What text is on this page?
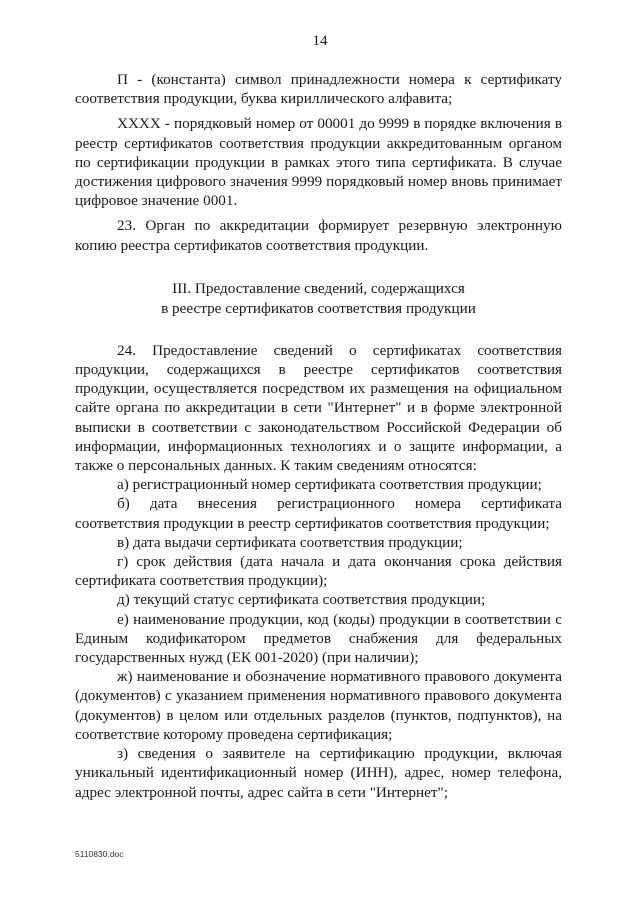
14

П - (константа) символ принадлежности номера к сертификату соответствия продукции, буква кириллического алфавита;

XXXX - порядковый номер от 00001 до 9999 в порядке включения в реестр сертификатов соответствия продукции аккредитованным органом по сертификации продукции в рамках этого типа сертификата. В случае достижения цифрового значения 9999 порядковый номер вновь принимает цифровое значение 0001.

23. Орган по аккредитации формирует резервную электронную копию реестра сертификатов соответствия продукции.

III. Предоставление сведений, содержащихся
в реестре сертификатов соответствия продукции

24. Предоставление сведений о сертификатах соответствия продукции, содержащихся в реестре сертификатов соответствия продукции, осуществляется посредством их размещения на официальном сайте органа по аккредитации в сети "Интернет" и в форме электронной выписки в соответствии с законодательством Российской Федерации об информации, информационных технологиях и о защите информации, а также о персональных данных. К таким сведениям относятся:

а) регистрационный номер сертификата соответствия продукции;

б) дата внесения регистрационного номера сертификата соответствия продукции в реестр сертификатов соответствия продукции;

в) дата выдачи сертификата соответствия продукции;

г) срок действия (дата начала и дата окончания срока действия сертификата соответствия продукции);

д) текущий статус сертификата соответствия продукции;

е) наименование продукции, код (коды) продукции в соответствии с Единым кодификатором предметов снабжения для федеральных государственных нужд (ЕК 001-2020) (при наличии);

ж) наименование и обозначение нормативного правового документа (документов) с указанием применения нормативного правового документа (документов) в целом или отдельных разделов (пунктов, подпунктов), на соответствие которому проведена сертификация;

з) сведения о заявителе на сертификацию продукции, включая уникальный идентификационный номер (ИНН), адрес, номер телефона, адрес электронной почты, адрес сайта в сети "Интернет";

5110830.doc
